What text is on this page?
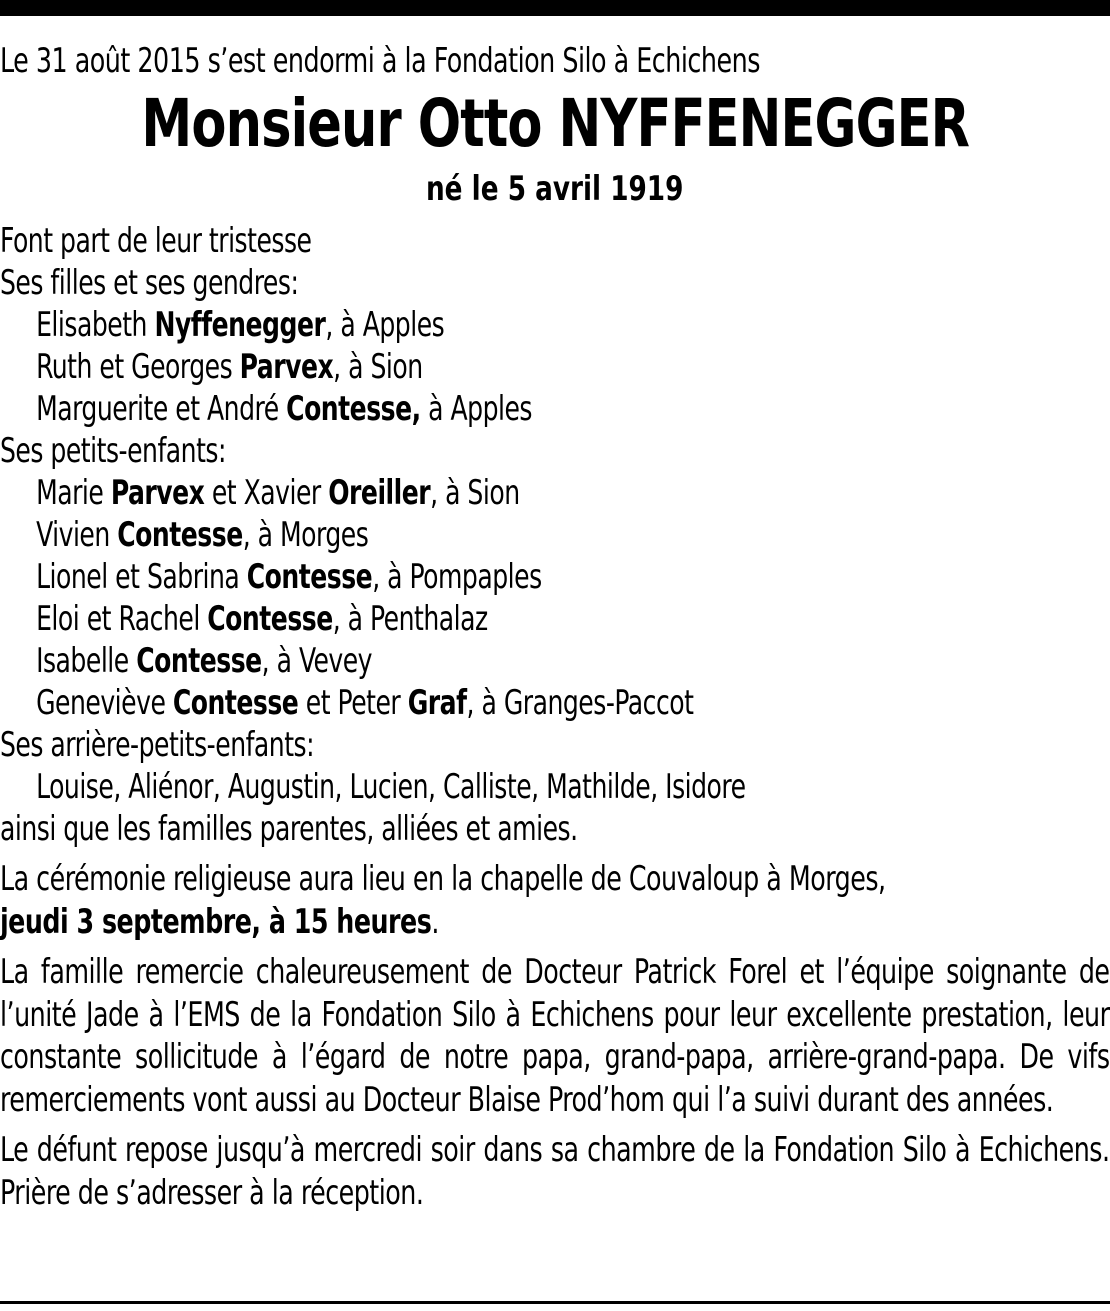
Le 31 août 2015 s’est endormi à la Fondation Silo à Echichens
Monsieur Otto NYFFENEGGER
né le 5 avril 1919
Font part de leur tristesse
Ses filles et ses gendres:
Elisabeth Nyffenegger, à Apples
Ruth et Georges Parvex, à Sion
Marguerite et André Contesse, à Apples
Ses petits-enfants:
Marie Parvex et Xavier Oreiller, à Sion
Vivien Contesse, à Morges
Lionel et Sabrina Contesse, à Pompaples
Eloi et Rachel Contesse, à Penthalaz
Isabelle Contesse, à Vevey
Geneviève Contesse et Peter Graf, à Granges-Paccot
Ses arrière-petits-enfants:
Louise, Aliénor, Augustin, Lucien, Calliste, Mathilde, Isidore
ainsi que les familles parentes, alliées et amies.
La cérémonie religieuse aura lieu en la chapelle de Couvaloup à Morges,
jeudi 3 septembre, à 15 heures.
La famille remercie chaleureusement de Docteur Patrick Forel et l’équipe soignante de l’unité Jade à l’EMS de la Fondation Silo à Echichens pour leur excellente prestation, leur constante sollicitude à l’égard de notre papa, grand-papa, arrière-grand-papa. De vifs remerciements vont aussi au Docteur Blaise Prod’hom qui l’a suivi durant des années.
Le défunt repose jusqu’à mercredi soir dans sa chambre de la Fondation Silo à Echichens. Prière de s’adresser à la réception.
